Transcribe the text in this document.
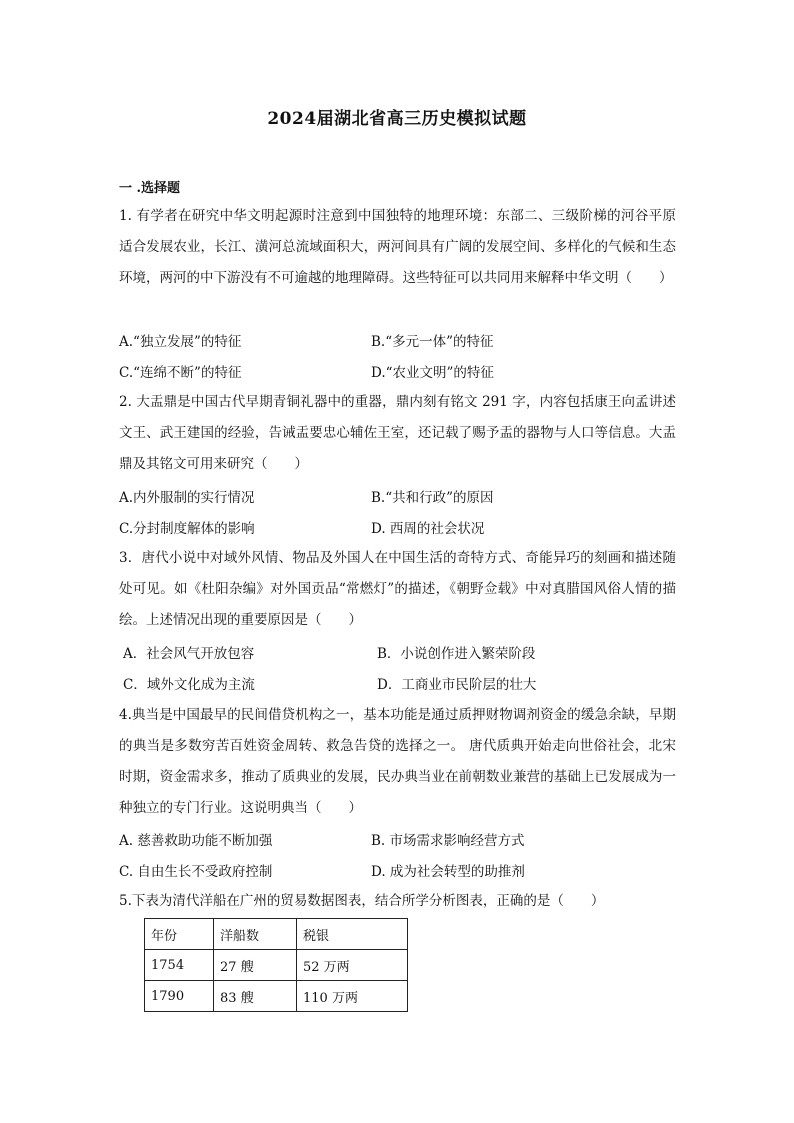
2024届湖北省高三历史模拟试题
一 .选择题
1. 有学者在研究中华文明起源时注意到中国独特的地理环境：东部二、三级阶梯的河谷平原适合发展农业，长江、潢河总流域面积大，两河间具有广阔的发展空间、多样化的气候和生态环境，两河的中下游没有不可逾越的地理障碍。这些特征可以共同用来解释中华文明（　　）
A.“独立发展”的特征	B.“多元一体”的特征
C.“连绵不断”的特征	D.“农业文明”的特征
2. 大盂鼎是中国古代早期青铜礼器中的重器，鼎内刻有铭文 291 字，内容包括康王向孟讲述文王、武王建国的经验，告诫盂要忠心辅佐王室，还记载了赐予盂的器物与人口等信息。大盂鼎及其铭文可用来研究（　　）
A.内外服制的实行情况	B.“共和行政”的原因
C.分封制度解体的影响	D. 西周的社会状况
3．唐代小说中对域外风情、物品及外国人在中国生活的奇特方式、奇能异巧的刻画和描述随处可见。如《杜阳杂编》对外国贡品“常燃灯”的描述，《朝野佥载》中对真腊国风俗人情的描绘。上述情况出现的重要原因是（　　）
A．社会风气开放包容	B．小说创作进入繁荣阶段
C．域外文化成为主流	D．工商业市民阶层的壮大
4.典当是中国最早的民间借贷机构之一，基本功能是通过质押财物调剂资金的缓急余缺，早期的典当是多数穷苦百姓资金周转、救急告贷的选择之一。 唐代质典开始走向世俗社会，北宋时期，资金需求多，推动了质典业的发展，民办典当业在前朝数业兼营的基础上已发展成为一种独立的专门行业。这说明典当（　　）
A. 慈善救助功能不断加强	B. 市场需求影响经营方式
C. 自由生长不受政府控制	D. 成为社会转型的助推剂
5.下表为清代洋船在广州的贸易数据图表，结合所学分析图表，正确的是（　　）
年份	洋船数	税银
1754	27 艘	52 万两
1790	83 艘	110 万两
